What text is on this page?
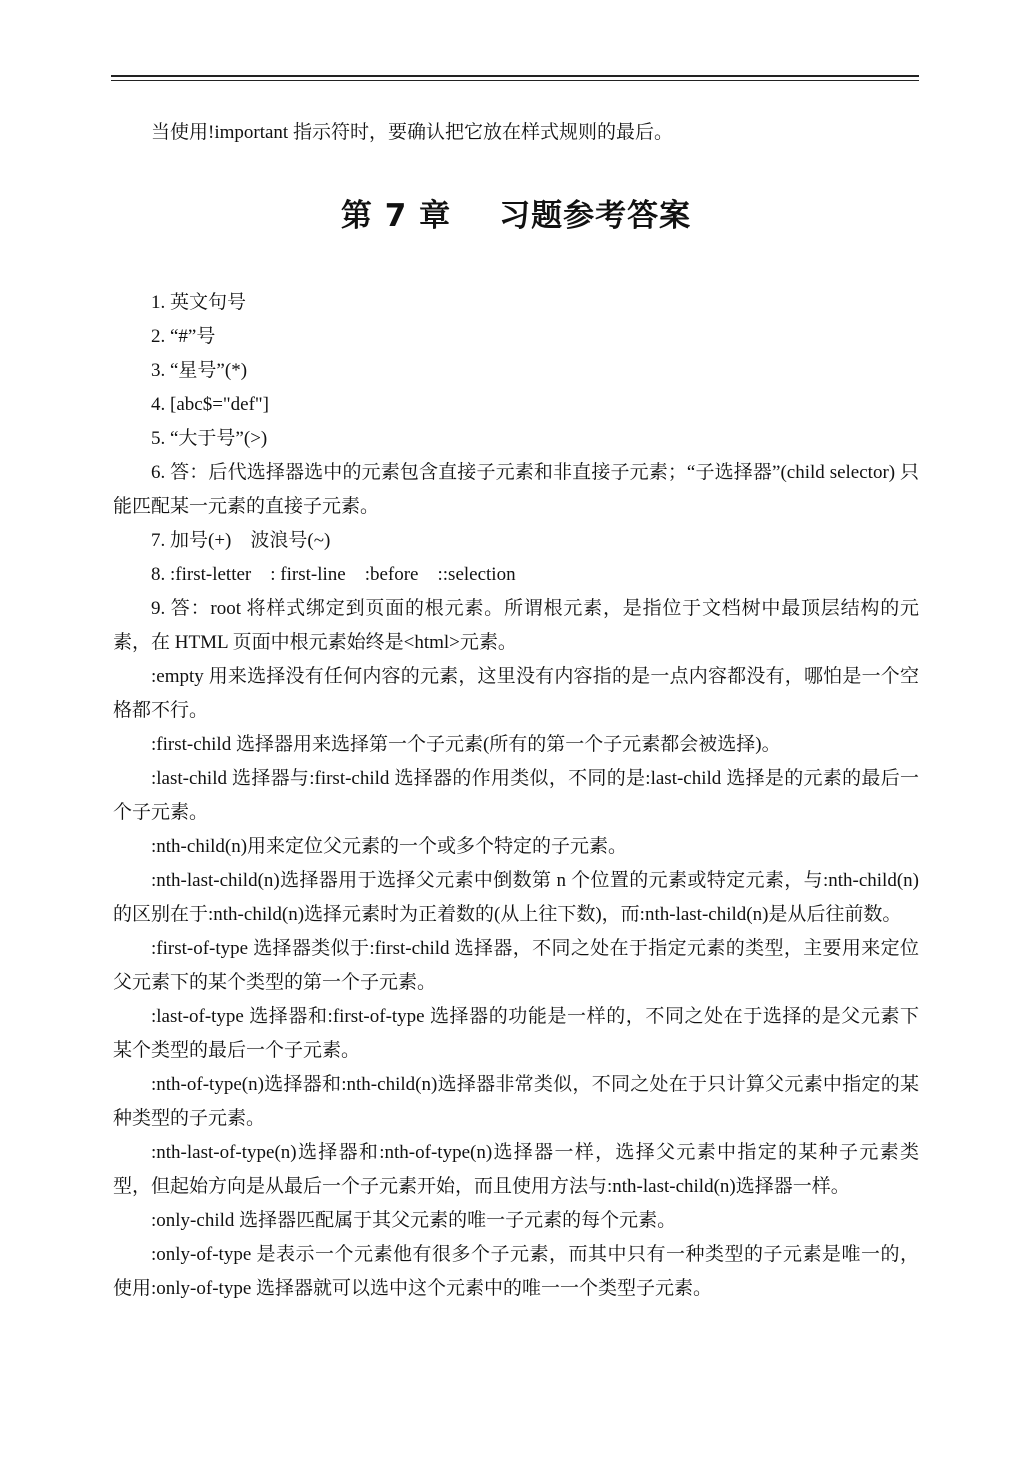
当使用!important 指示符时，要确认把它放在样式规则的最后。

第 7 章 习题参考答案

1. 英文句号

2. “#”号

3. “星号”(*)

4. [abc$="def"]

5. “大于号”(>)

6. 答：后代选择器选中的元素包含直接子元素和非直接子元素；“子选择器”(child selector) 只能匹配某一元素的直接子元素。

7. 加号(+)　波浪号(~)

8. :first-letter　: first-line　:before　::selection

9. 答：root 将样式绑定到页面的根元素。所谓根元素，是指位于文档树中最顶层结构的元素，在 HTML 页面中根元素始终是<html>元素。

:empty 用来选择没有任何内容的元素，这里没有内容指的是一点内容都没有，哪怕是一个空格都不行。

:first-child 选择器用来选择第一个子元素(所有的第一个子元素都会被选择)。

:last-child 选择器与:first-child 选择器的作用类似，不同的是:last-child 选择是的元素的最后一个子元素。

:nth-child(n)用来定位父元素的一个或多个特定的子元素。

:nth-last-child(n)选择器用于选择父元素中倒数第 n 个位置的元素或特定元素，与:nth-child(n)的区别在于:nth-child(n)选择元素时为正着数的(从上往下数)，而:nth-last-child(n)是从后往前数。

:first-of-type 选择器类似于:first-child 选择器，不同之处在于指定元素的类型，主要用来定位父元素下的某个类型的第一个子元素。

:last-of-type 选择器和:first-of-type 选择器的功能是一样的，不同之处在于选择的是父元素下某个类型的最后一个子元素。

:nth-of-type(n)选择器和:nth-child(n)选择器非常类似，不同之处在于只计算父元素中指定的某种类型的子元素。

:nth-last-of-type(n)选择器和:nth-of-type(n)选择器一样，选择父元素中指定的某种子元素类型，但起始方向是从最后一个子元素开始，而且使用方法与:nth-last-child(n)选择器一样。

:only-child 选择器匹配属于其父元素的唯一子元素的每个元素。

:only-of-type 是表示一个元素他有很多个子元素，而其中只有一种类型的子元素是唯一的，使用:only-of-type 选择器就可以选中这个元素中的唯一一个类型子元素。
